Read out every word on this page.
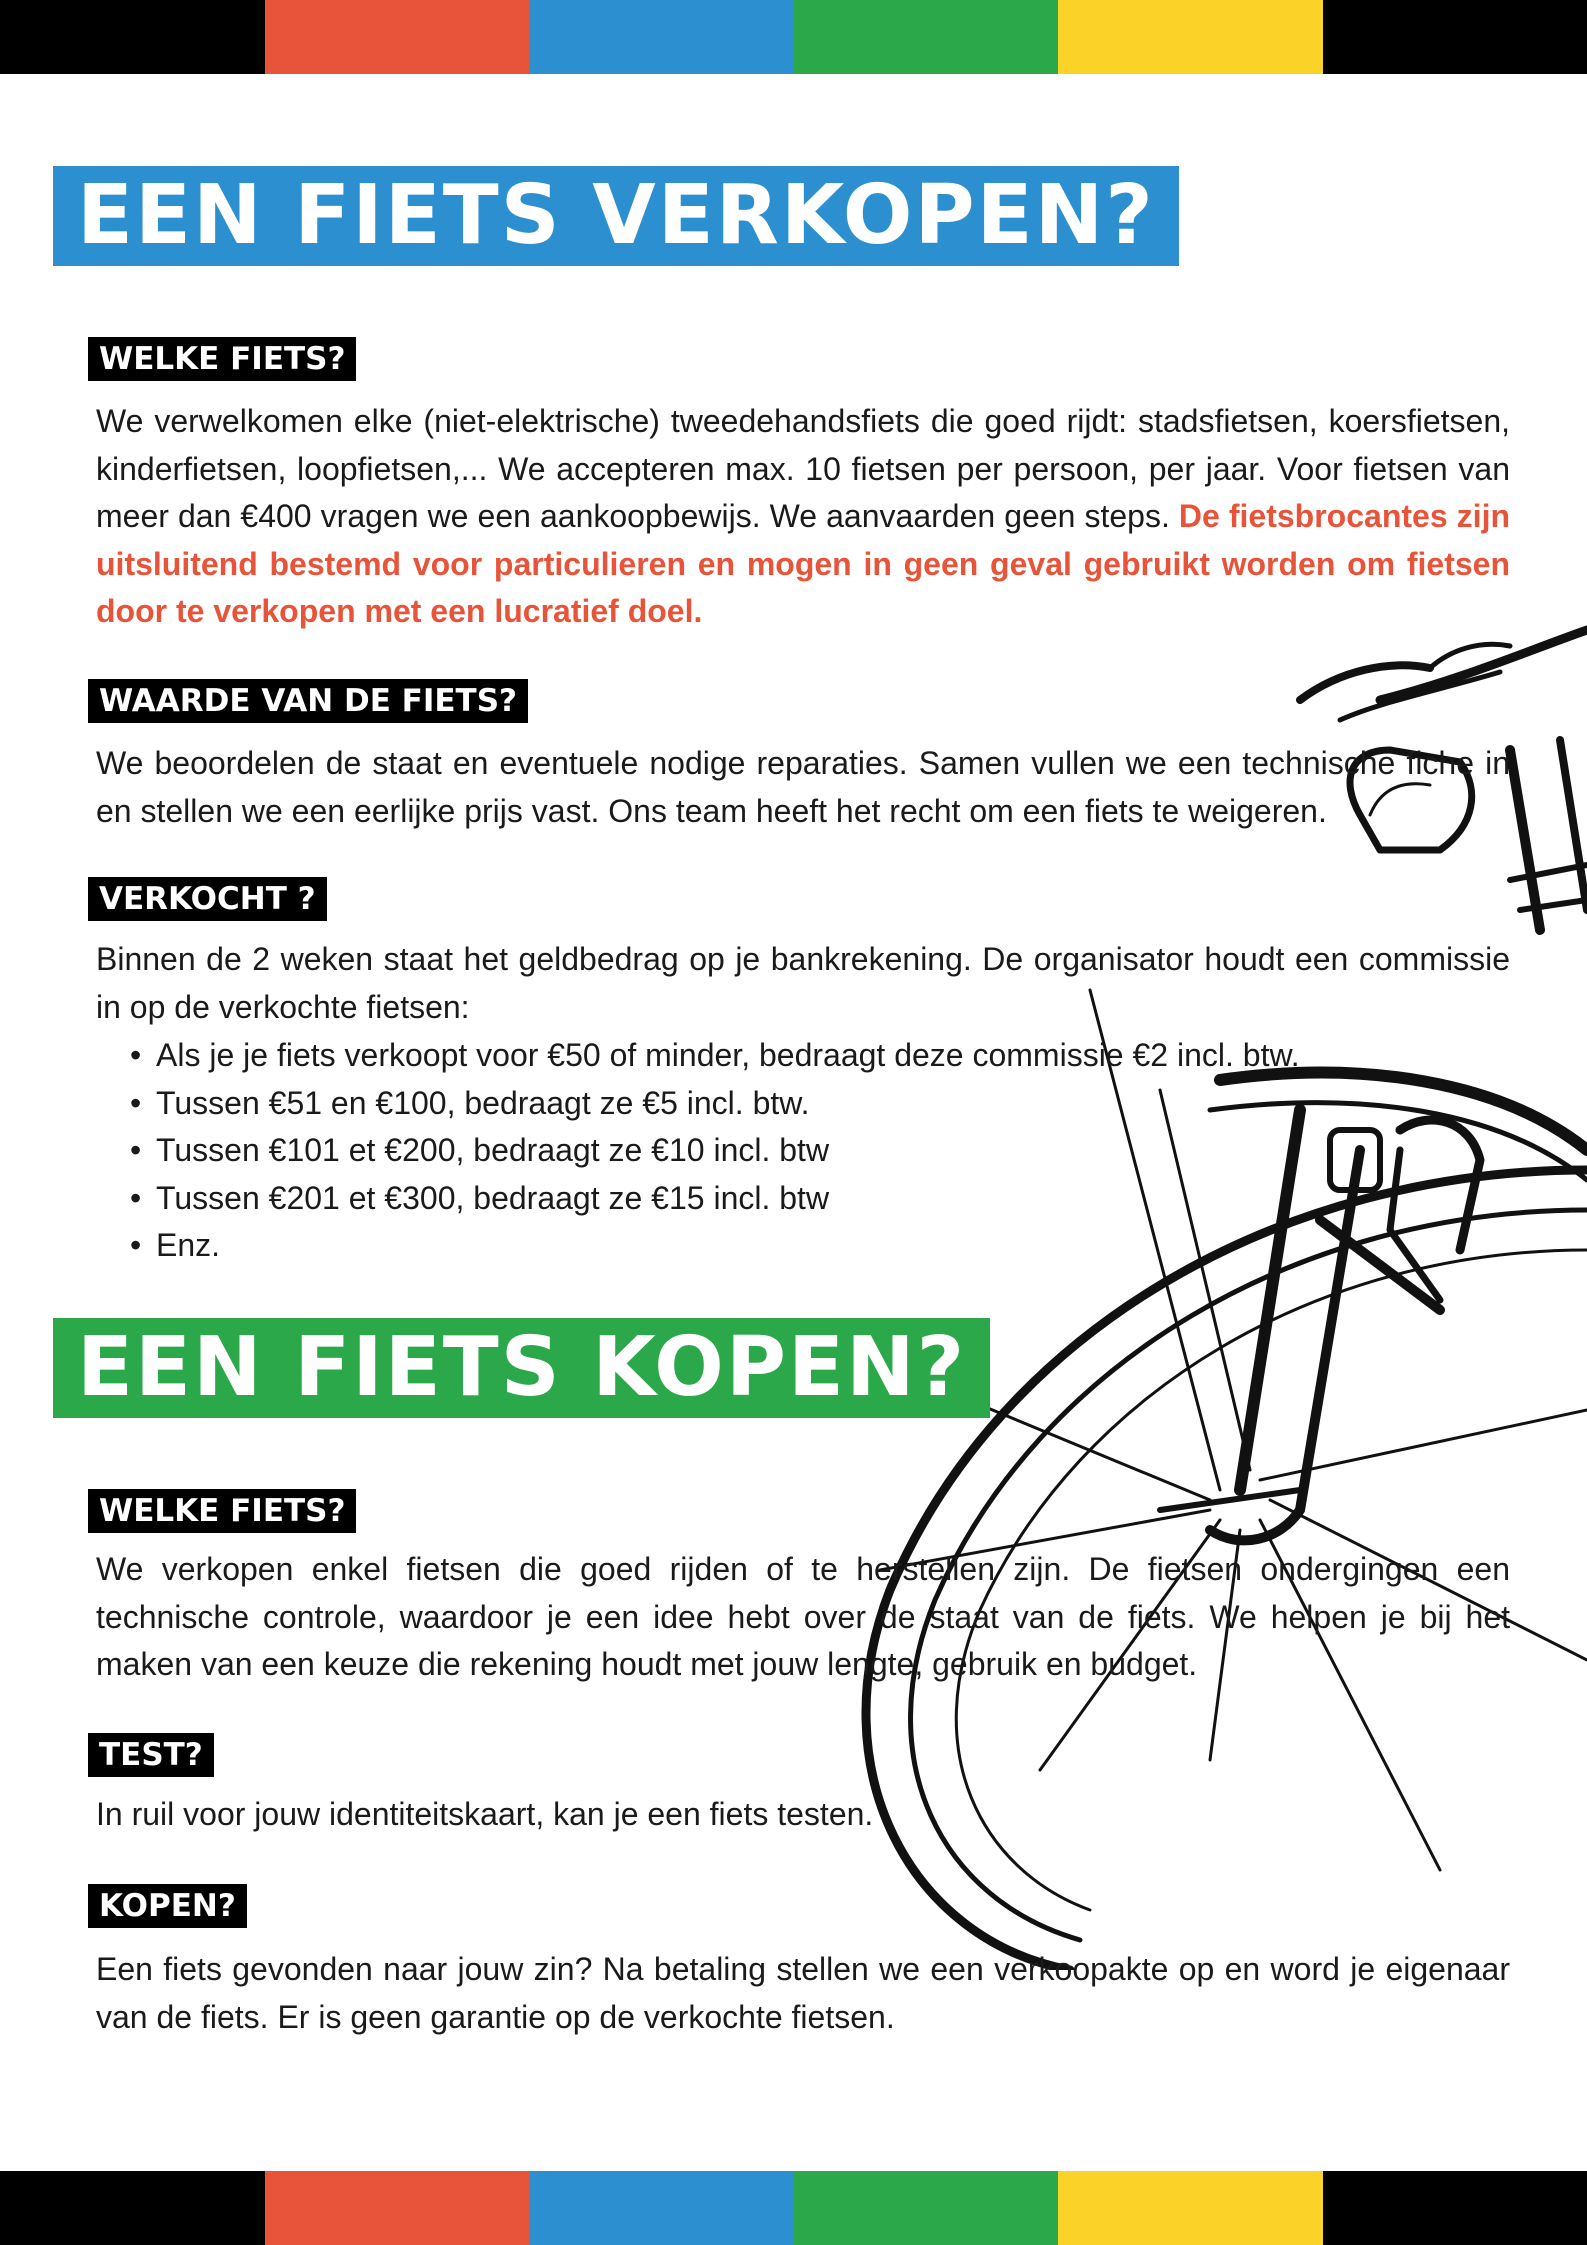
EEN FIETS VERKOPEN?
WELKE FIETS?
We verwelkomen elke (niet-elektrische) tweedehandsfiets die goed rijdt: stadsfietsen, koersfietsen, kinderfietsen, loopfietsen,... We accepteren max. 10 fietsen per persoon, per jaar. Voor fietsen van meer dan €400 vragen we een aankoopbewijs. We aanvaarden geen steps. De fietsbrocantes zijn uitsluitend bestemd voor particulieren en mogen in geen geval gebruikt worden om fietsen door te verkopen met een lucratief doel.
WAARDE VAN DE FIETS?
We beoordelen de staat en eventuele nodige reparaties. Samen vullen we een technische fiche in en stellen we een eerlijke prijs vast. Ons team heeft het recht om een fiets te weigeren.
VERKOCHT ?
Binnen de 2 weken staat het geldbedrag op je bankrekening. De organisator houdt een commissie in op de verkochte fietsen:
• Als je je fiets verkoopt voor €50 of minder, bedraagt deze commissie €2 incl. btw.
• Tussen €51 en €100, bedraagt ze €5 incl. btw.
• Tussen €101 et €200, bedraagt ze €10 incl. btw
• Tussen €201 et €300, bedraagt ze €15 incl. btw
• Enz.
EEN FIETS KOPEN?
WELKE FIETS?
We verkopen enkel fietsen die goed rijden of te herstellen zijn. De fietsen ondergingen een technische controle, waardoor je een idee hebt over de staat van de fiets. We helpen je bij het maken van een keuze die rekening houdt met jouw lengte, gebruik en budget.
TEST?
In ruil voor jouw identiteitskaart, kan je een fiets testen.
KOPEN?
Een fiets gevonden naar jouw zin? Na betaling stellen we een verkoopakte op en word je eigenaar van de fiets. Er is geen garantie op de verkochte fietsen.
